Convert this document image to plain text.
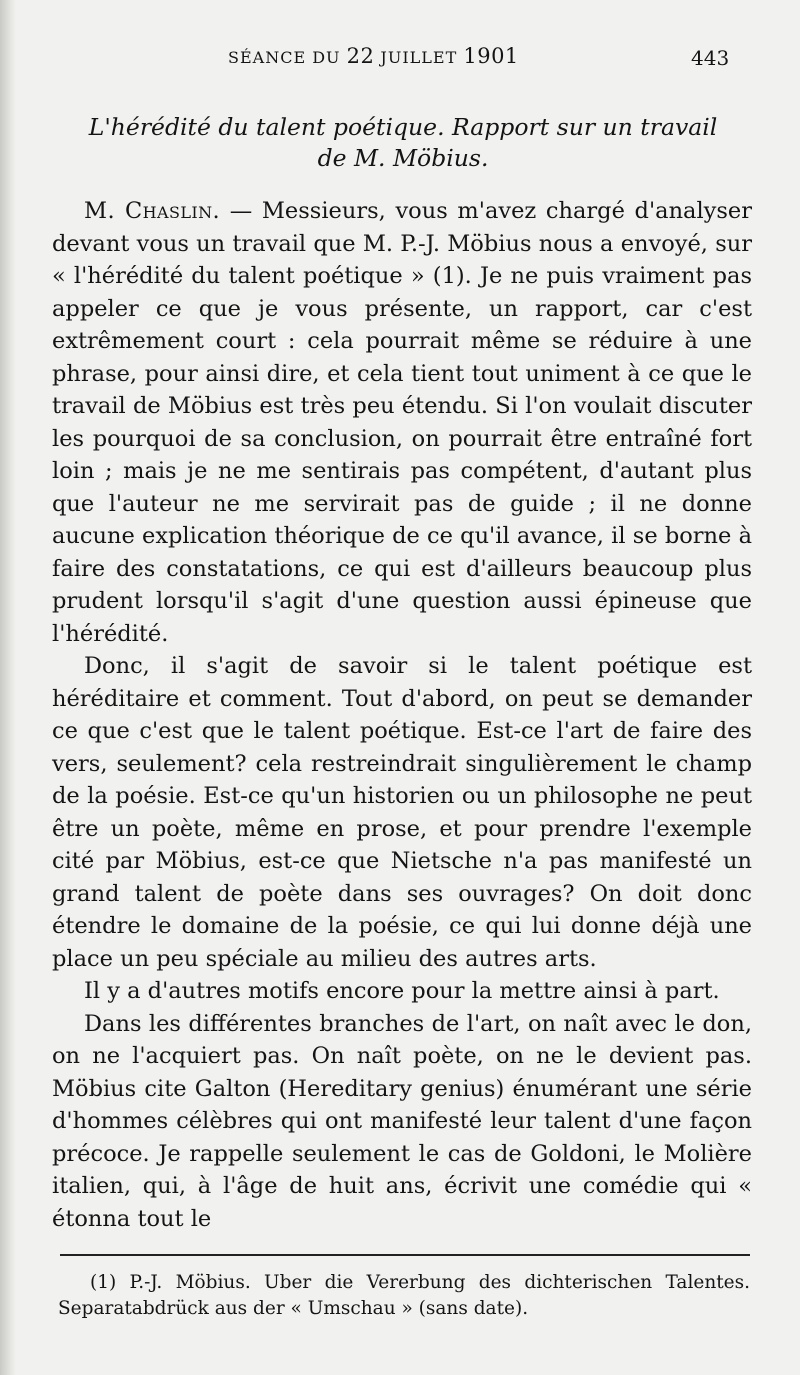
SÉANCE DU 22 JUILLET 1901	443
L'hérédité du talent poétique. Rapport sur un travail
de M. Möbius.

M. Chaslin. — Messieurs, vous m'avez chargé d'analyser devant vous un travail que M. P.-J. Möbius nous a envoyé, sur « l'hérédité du talent poétique » (1). Je ne puis vraiment pas appeler ce que je vous présente, un rapport, car c'est extrêmement court : cela pourrait même se réduire à une phrase, pour ainsi dire, et cela tient tout uniment à ce que le travail de Möbius est très peu étendu. Si l'on voulait discuter les pourquoi de sa conclusion, on pourrait être entraîné fort loin ; mais je ne me sentirais pas compétent, d'autant plus que l'auteur ne me servirait pas de guide ; il ne donne aucune explication théorique de ce qu'il avance, il se borne à faire des constatations, ce qui est d'ailleurs beaucoup plus prudent lorsqu'il s'agit d'une question aussi épineuse que l'hérédité.

Donc, il s'agit de savoir si le talent poétique est héréditaire et comment. Tout d'abord, on peut se demander ce que c'est que le talent poétique. Est-ce l'art de faire des vers, seulement? cela restreindrait singulièrement le champ de la poésie. Est-ce qu'un historien ou un philosophe ne peut être un poète, même en prose, et pour prendre l'exemple cité par Möbius, est-ce que Nietsche n'a pas manifesté un grand talent de poète dans ses ouvrages? On doit donc étendre le domaine de la poésie, ce qui lui donne déjà une place un peu spéciale au milieu des autres arts.

Il y a d'autres motifs encore pour la mettre ainsi à part.

Dans les différentes branches de l'art, on naît avec le don, on ne l'acquiert pas. On naît poète, on ne le devient pas. Möbius cite Galton (Hereditary genius) énumérant une série d'hommes célèbres qui ont manifesté leur talent d'une façon précoce. Je rappelle seulement le cas de Goldoni, le Molière italien, qui, à l'âge de huit ans, écrivit une comédie qui « étonna tout le

(1) P.-J. Möbius. Uber die Vererbung des dichterischen Talentes. Separatabdrück aus der « Umschau » (sans date).
